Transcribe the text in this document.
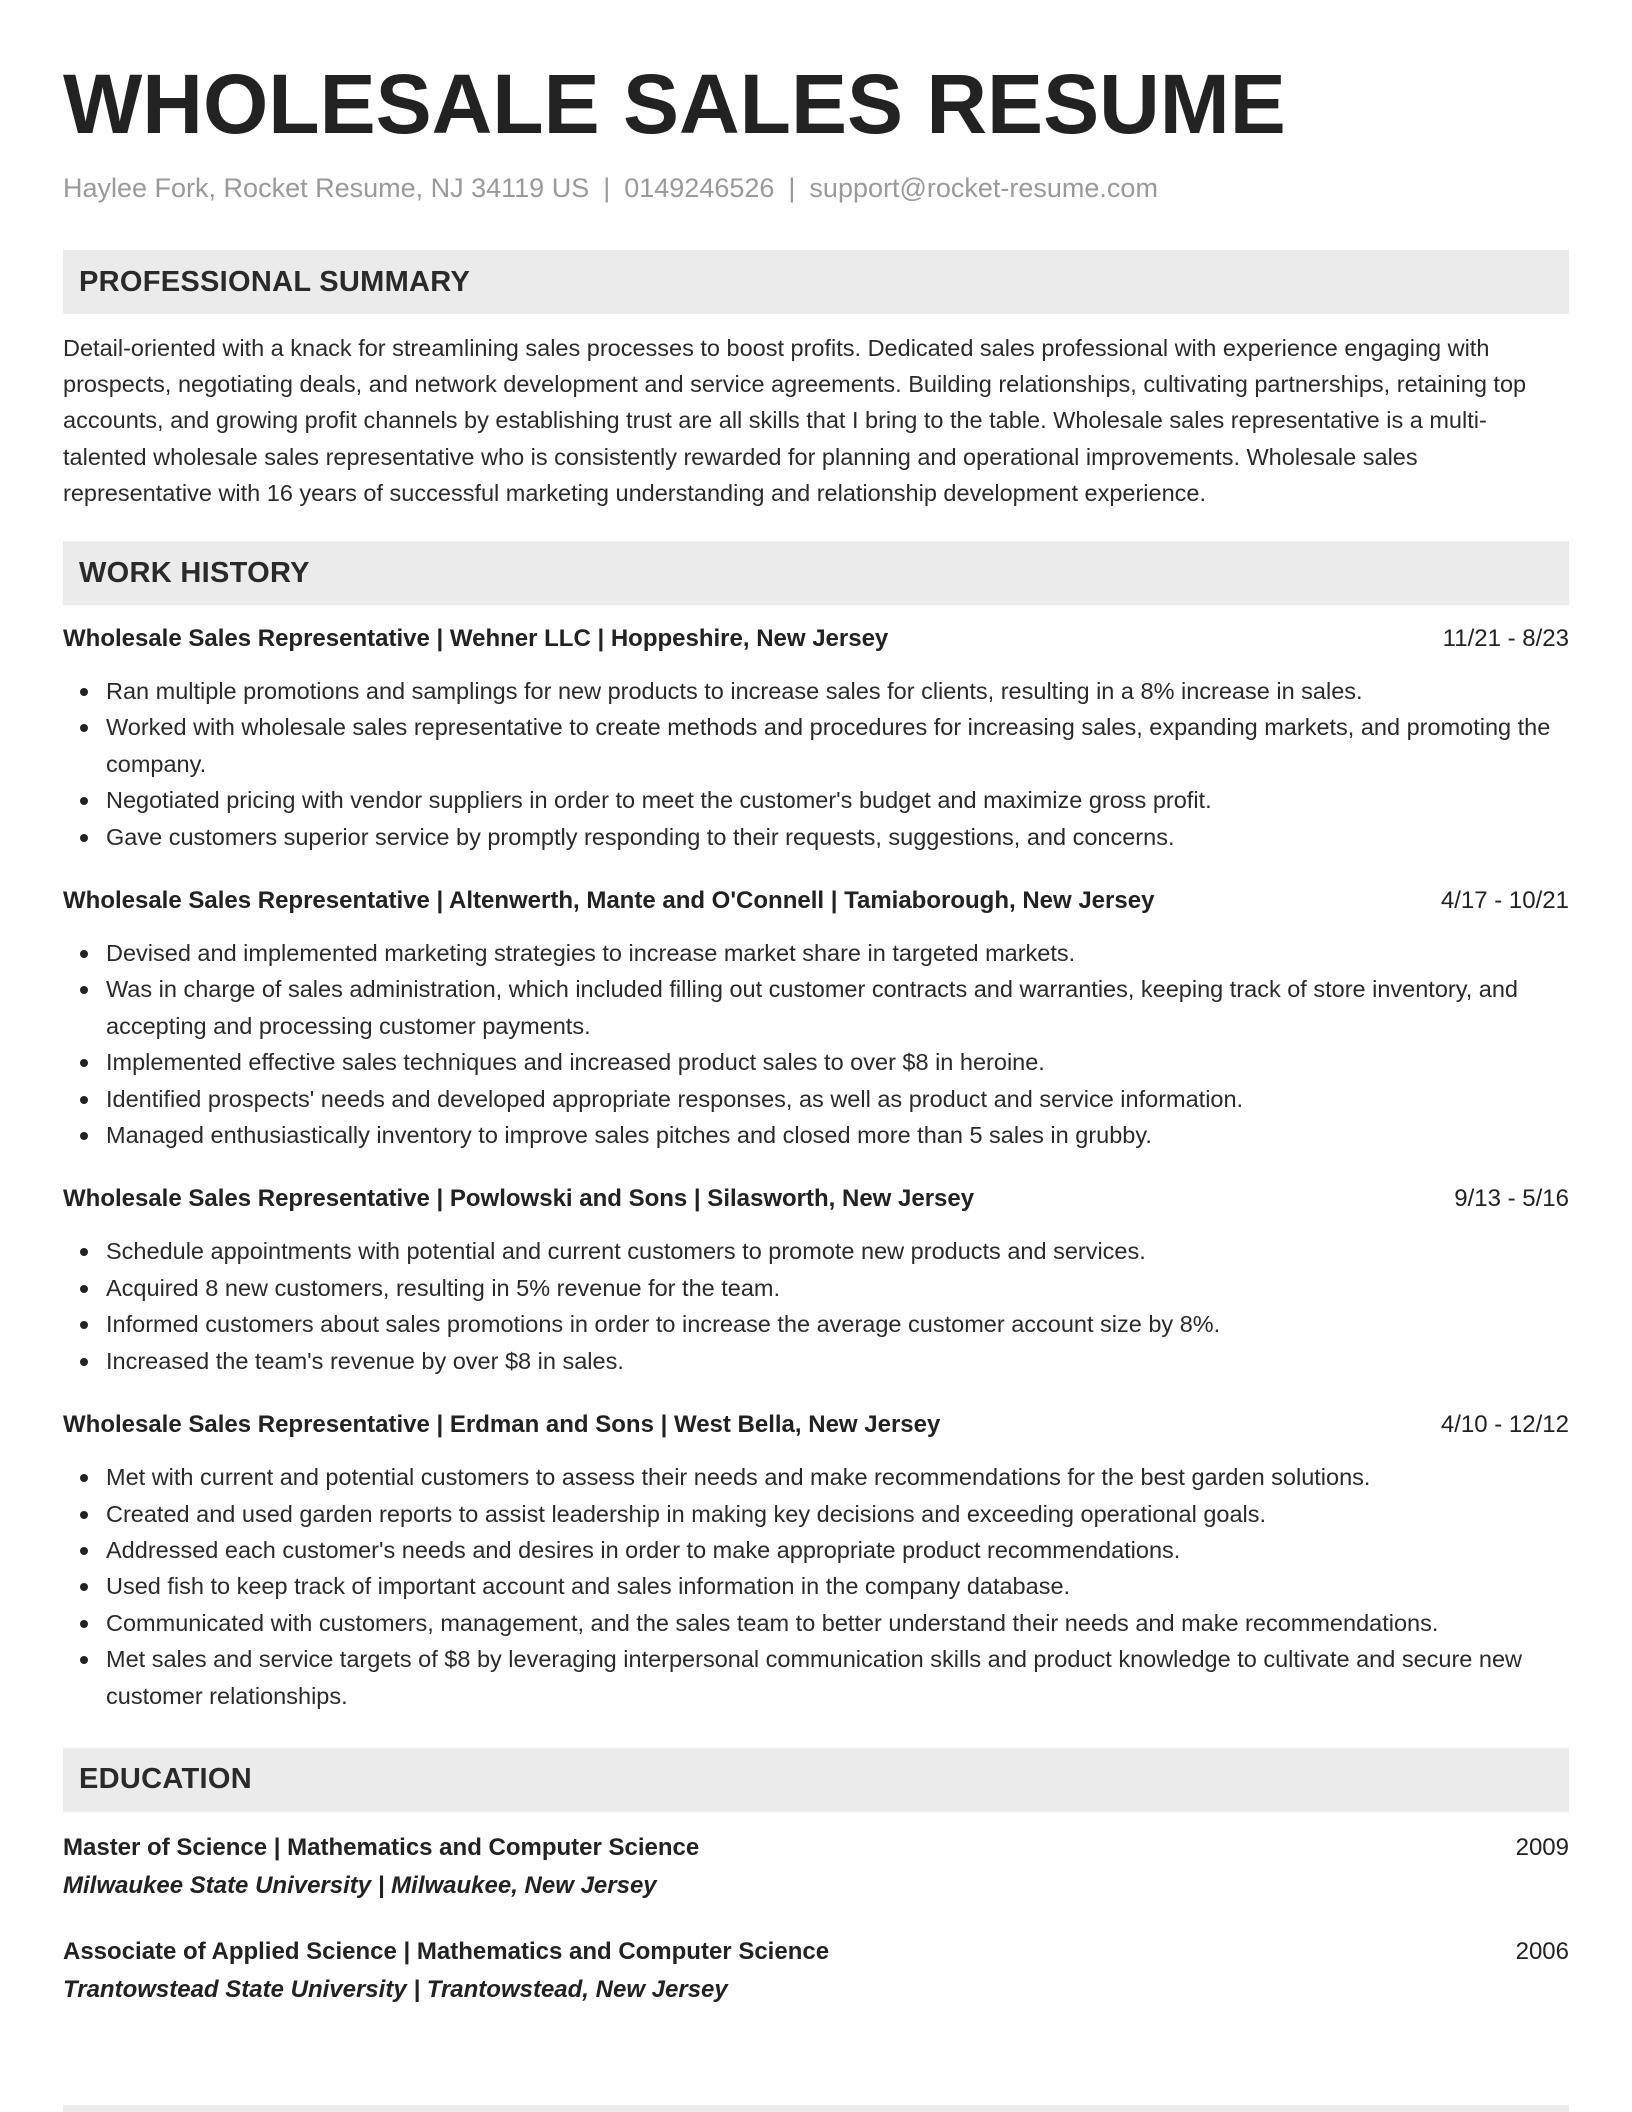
WHOLESALE SALES RESUME
Haylee Fork, Rocket Resume, NJ 34119 US | 0149246526 | support@rocket-resume.com
PROFESSIONAL SUMMARY

Detail-oriented with a knack for streamlining sales processes to boost profits. Dedicated sales professional with experience engaging with prospects, negotiating deals, and network development and service agreements. Building relationships, cultivating partnerships, retaining top accounts, and growing profit channels by establishing trust are all skills that I bring to the table. Wholesale sales representative is a multi-talented wholesale sales representative who is consistently rewarded for planning and operational improvements. Wholesale sales representative with 16 years of successful marketing understanding and relationship development experience.

WORK HISTORY
Wholesale Sales Representative | Wehner LLC | Hoppeshire, New Jersey	11/21 - 8/23
Ran multiple promotions and samplings for new products to increase sales for clients, resulting in a 8% increase in sales.
Worked with wholesale sales representative to create methods and procedures for increasing sales, expanding markets, and promoting the company.
Negotiated pricing with vendor suppliers in order to meet the customer's budget and maximize gross profit.
Gave customers superior service by promptly responding to their requests, suggestions, and concerns.
Wholesale Sales Representative | Altenwerth, Mante and O'Connell | Tamiaborough, New Jersey	4/17 - 10/21
Devised and implemented marketing strategies to increase market share in targeted markets.
Was in charge of sales administration, which included filling out customer contracts and warranties, keeping track of store inventory, and accepting and processing customer payments.
Implemented effective sales techniques and increased product sales to over $8 in heroine.
Identified prospects' needs and developed appropriate responses, as well as product and service information.
Managed enthusiastically inventory to improve sales pitches and closed more than 5 sales in grubby.
Wholesale Sales Representative | Powlowski and Sons | Silasworth, New Jersey	9/13 - 5/16
Schedule appointments with potential and current customers to promote new products and services.
Acquired 8 new customers, resulting in 5% revenue for the team.
Informed customers about sales promotions in order to increase the average customer account size by 8%.
Increased the team's revenue by over $8 in sales.
Wholesale Sales Representative | Erdman and Sons | West Bella, New Jersey	4/10 - 12/12
Met with current and potential customers to assess their needs and make recommendations for the best garden solutions.
Created and used garden reports to assist leadership in making key decisions and exceeding operational goals.
Addressed each customer's needs and desires in order to make appropriate product recommendations.
Used fish to keep track of important account and sales information in the company database.
Communicated with customers, management, and the sales team to better understand their needs and make recommendations.
Met sales and service targets of $8 by leveraging interpersonal communication skills and product knowledge to cultivate and secure new customer relationships.
EDUCATION
Master of Science | Mathematics and Computer Science	2009
Milwaukee State University | Milwaukee, New Jersey
Associate of Applied Science | Mathematics and Computer Science	2006
Trantowstead State University | Trantowstead, New Jersey
